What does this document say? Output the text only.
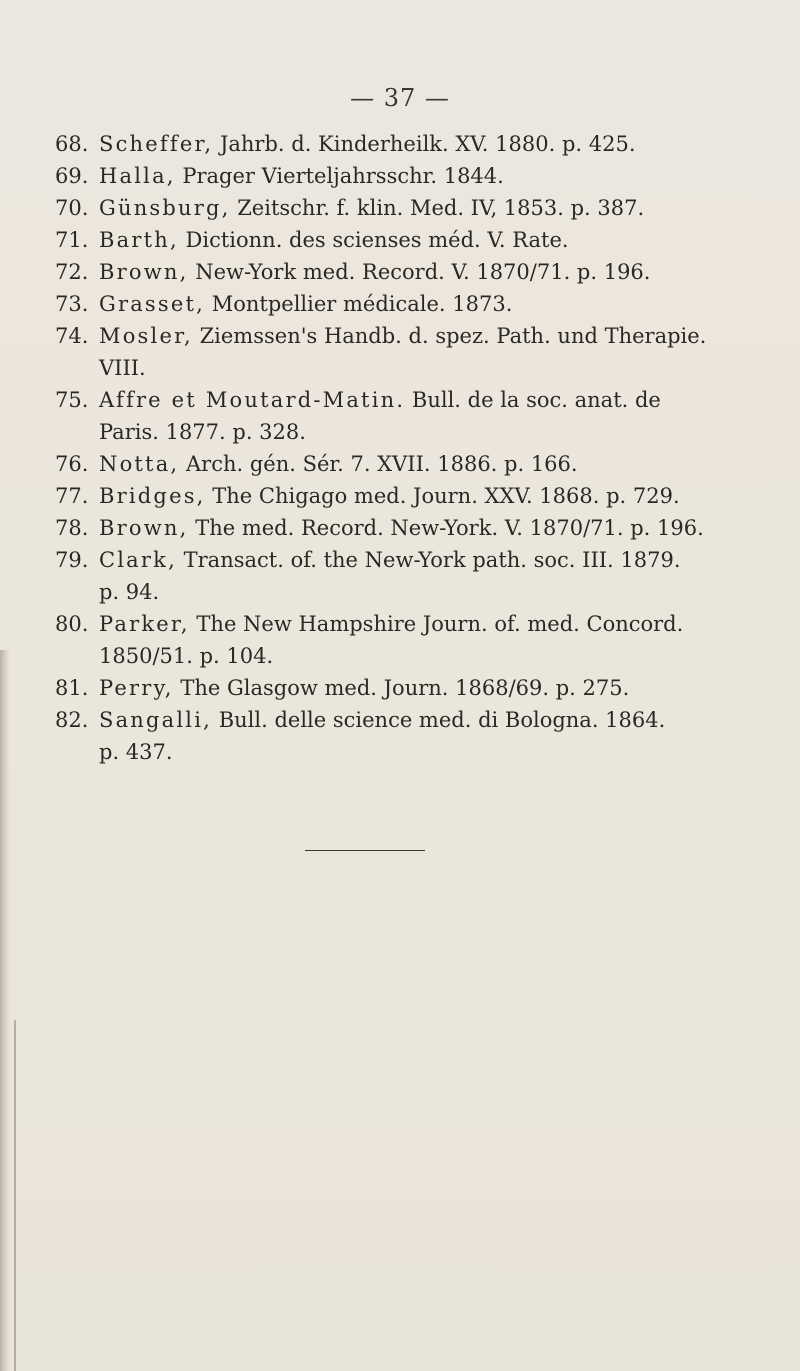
— 37 —
68. Scheffer, Jahrb. d. Kinderheilk. XV. 1880. p. 425.
69. Halla, Prager Vierteljahrsschr. 1844.
70. Günsburg, Zeitschr. f. klin. Med. IV, 1853. p. 387.
71. Barth, Dictionn. des scienses méd. V. Rate.
72. Brown, New-York med. Record. V. 1870/71. p. 196.
73. Grasset, Montpellier médicale. 1873.
74. Mosler, Ziemssen's Handb. d. spez. Path. und Therapie.
VIII.
75. Affre et Moutard-Matin. Bull. de la soc. anat. de
Paris. 1877. p. 328.
76. Notta, Arch. gén. Sér. 7. XVII. 1886. p. 166.
77. Bridges, The Chigago med. Journ. XXV. 1868. p. 729.
78. Brown, The med. Record. New-York. V. 1870/71. p. 196.
79. Clark, Transact. of. the New-York path. soc. III. 1879.
p. 94.
80. Parker, The New Hampshire Journ. of. med. Concord.
1850/51. p. 104.
81. Perry, The Glasgow med. Journ. 1868/69. p. 275.
82. Sangalli, Bull. delle science med. di Bologna. 1864.
p. 437.
